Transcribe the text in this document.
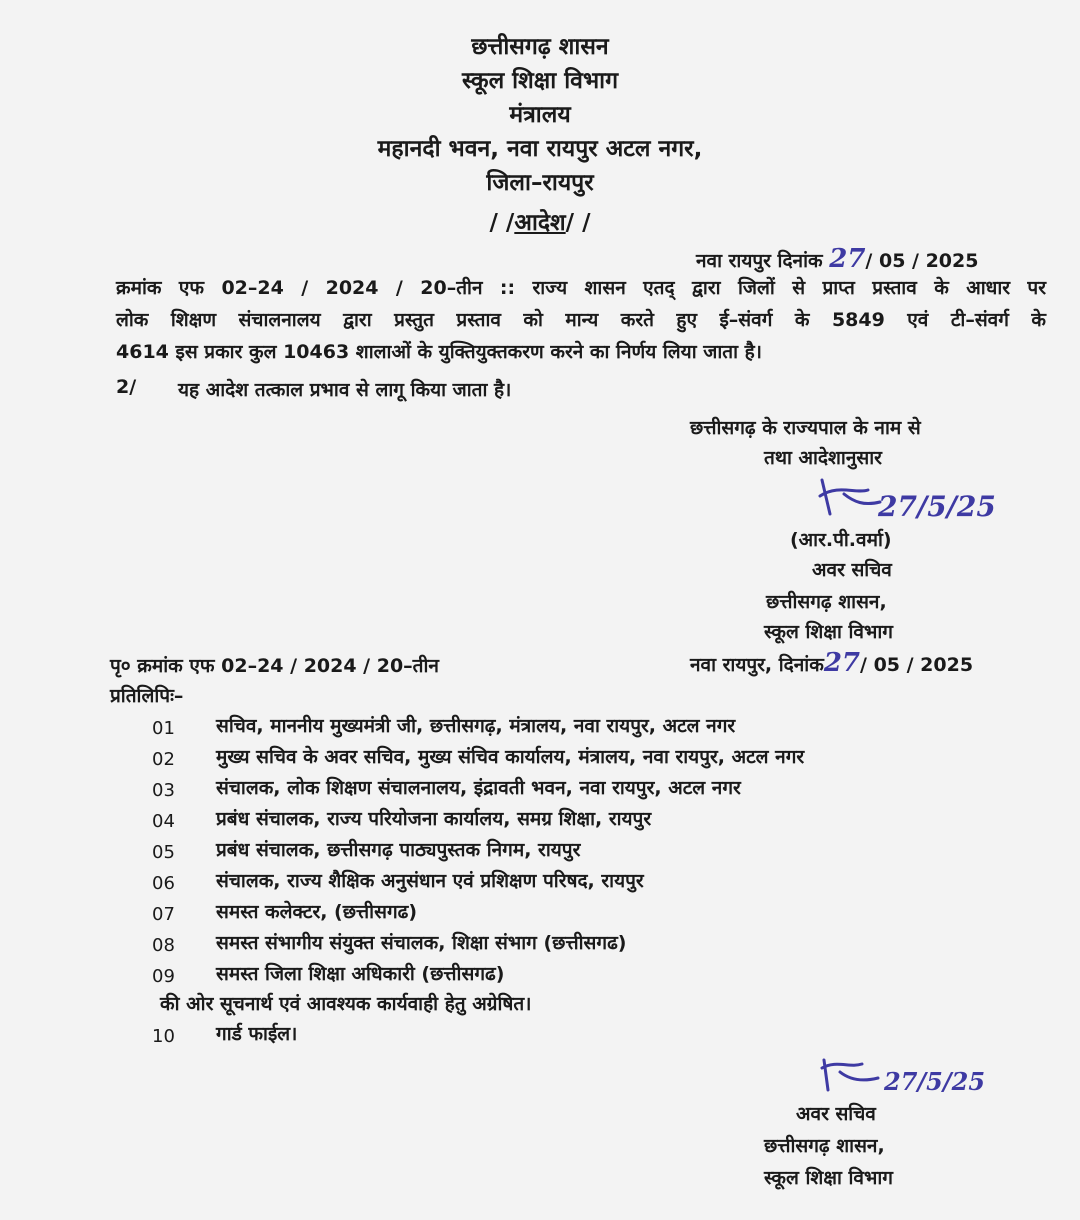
छत्तीसगढ़ शासन
स्कूल शिक्षा विभाग
मंत्रालय
महानदी भवन, नवा रायपुर अटल नगर,
जिला–रायपुर
/ /आदेश/ /
नवा रायपुर दिनांक 27/ 05 / 2025
क्रमांक एफ 02–24 / 2024 / 20–तीन :: राज्य शासन एतद् द्वारा जिलों से प्राप्त प्रस्ताव के आधार पर
लोक शिक्षण संचालनालय द्वारा प्रस्तुत प्रस्ताव को मान्य करते हुए ई–संवर्ग के 5849 एवं टी–संवर्ग के
4614 इस प्रकार कुल 10463 शालाओं के युक्तियुक्तकरण करने का निर्णय लिया जाता है।
2/ यह आदेश तत्काल प्रभाव से लागू किया जाता है।
छत्तीसगढ़ के राज्यपाल के नाम से
तथा आदेशानुसार
27/5/25
(आर.पी.वर्मा)
अवर सचिव
छत्तीसगढ़ शासन,
स्कूल शिक्षा विभाग
पृ० क्रमांक एफ 02–24 / 2024 / 20–तीन	नवा रायपुर, दिनांक27/ 05 / 2025
प्रतिलिपिः–
01 सचिव, माननीय मुख्यमंत्री जी, छत्तीसगढ़, मंत्रालय, नवा रायपुर, अटल नगर
02 मुख्य सचिव के अवर सचिव, मुख्य संचिव कार्यालय, मंत्रालय, नवा रायपुर, अटल नगर
03 संचालक, लोक शिक्षण संचालनालय, इंद्रावती भवन, नवा रायपुर, अटल नगर
04 प्रबंध संचालक, राज्य परियोजना कार्यालय, समग्र शिक्षा, रायपुर
05 प्रबंध संचालक, छत्तीसगढ़ पाठ्यपुस्तक निगम, रायपुर
06 संचालक, राज्य शैक्षिक अनुसंधान एवं प्रशिक्षण परिषद, रायपुर
07 समस्त कलेक्टर, (छत्तीसगढ)
08 समस्त संभागीय संयुक्त संचालक, शिक्षा संभाग (छत्तीसगढ)
09 समस्त जिला शिक्षा अधिकारी (छत्तीसगढ)
की ओर सूचनार्थ एवं आवश्यक कार्यवाही हेतु अग्रेषित।
10 गार्ड फाईल।
27/5/25
अवर सचिव
छत्तीसगढ़ शासन,
स्कूल शिक्षा विभाग
